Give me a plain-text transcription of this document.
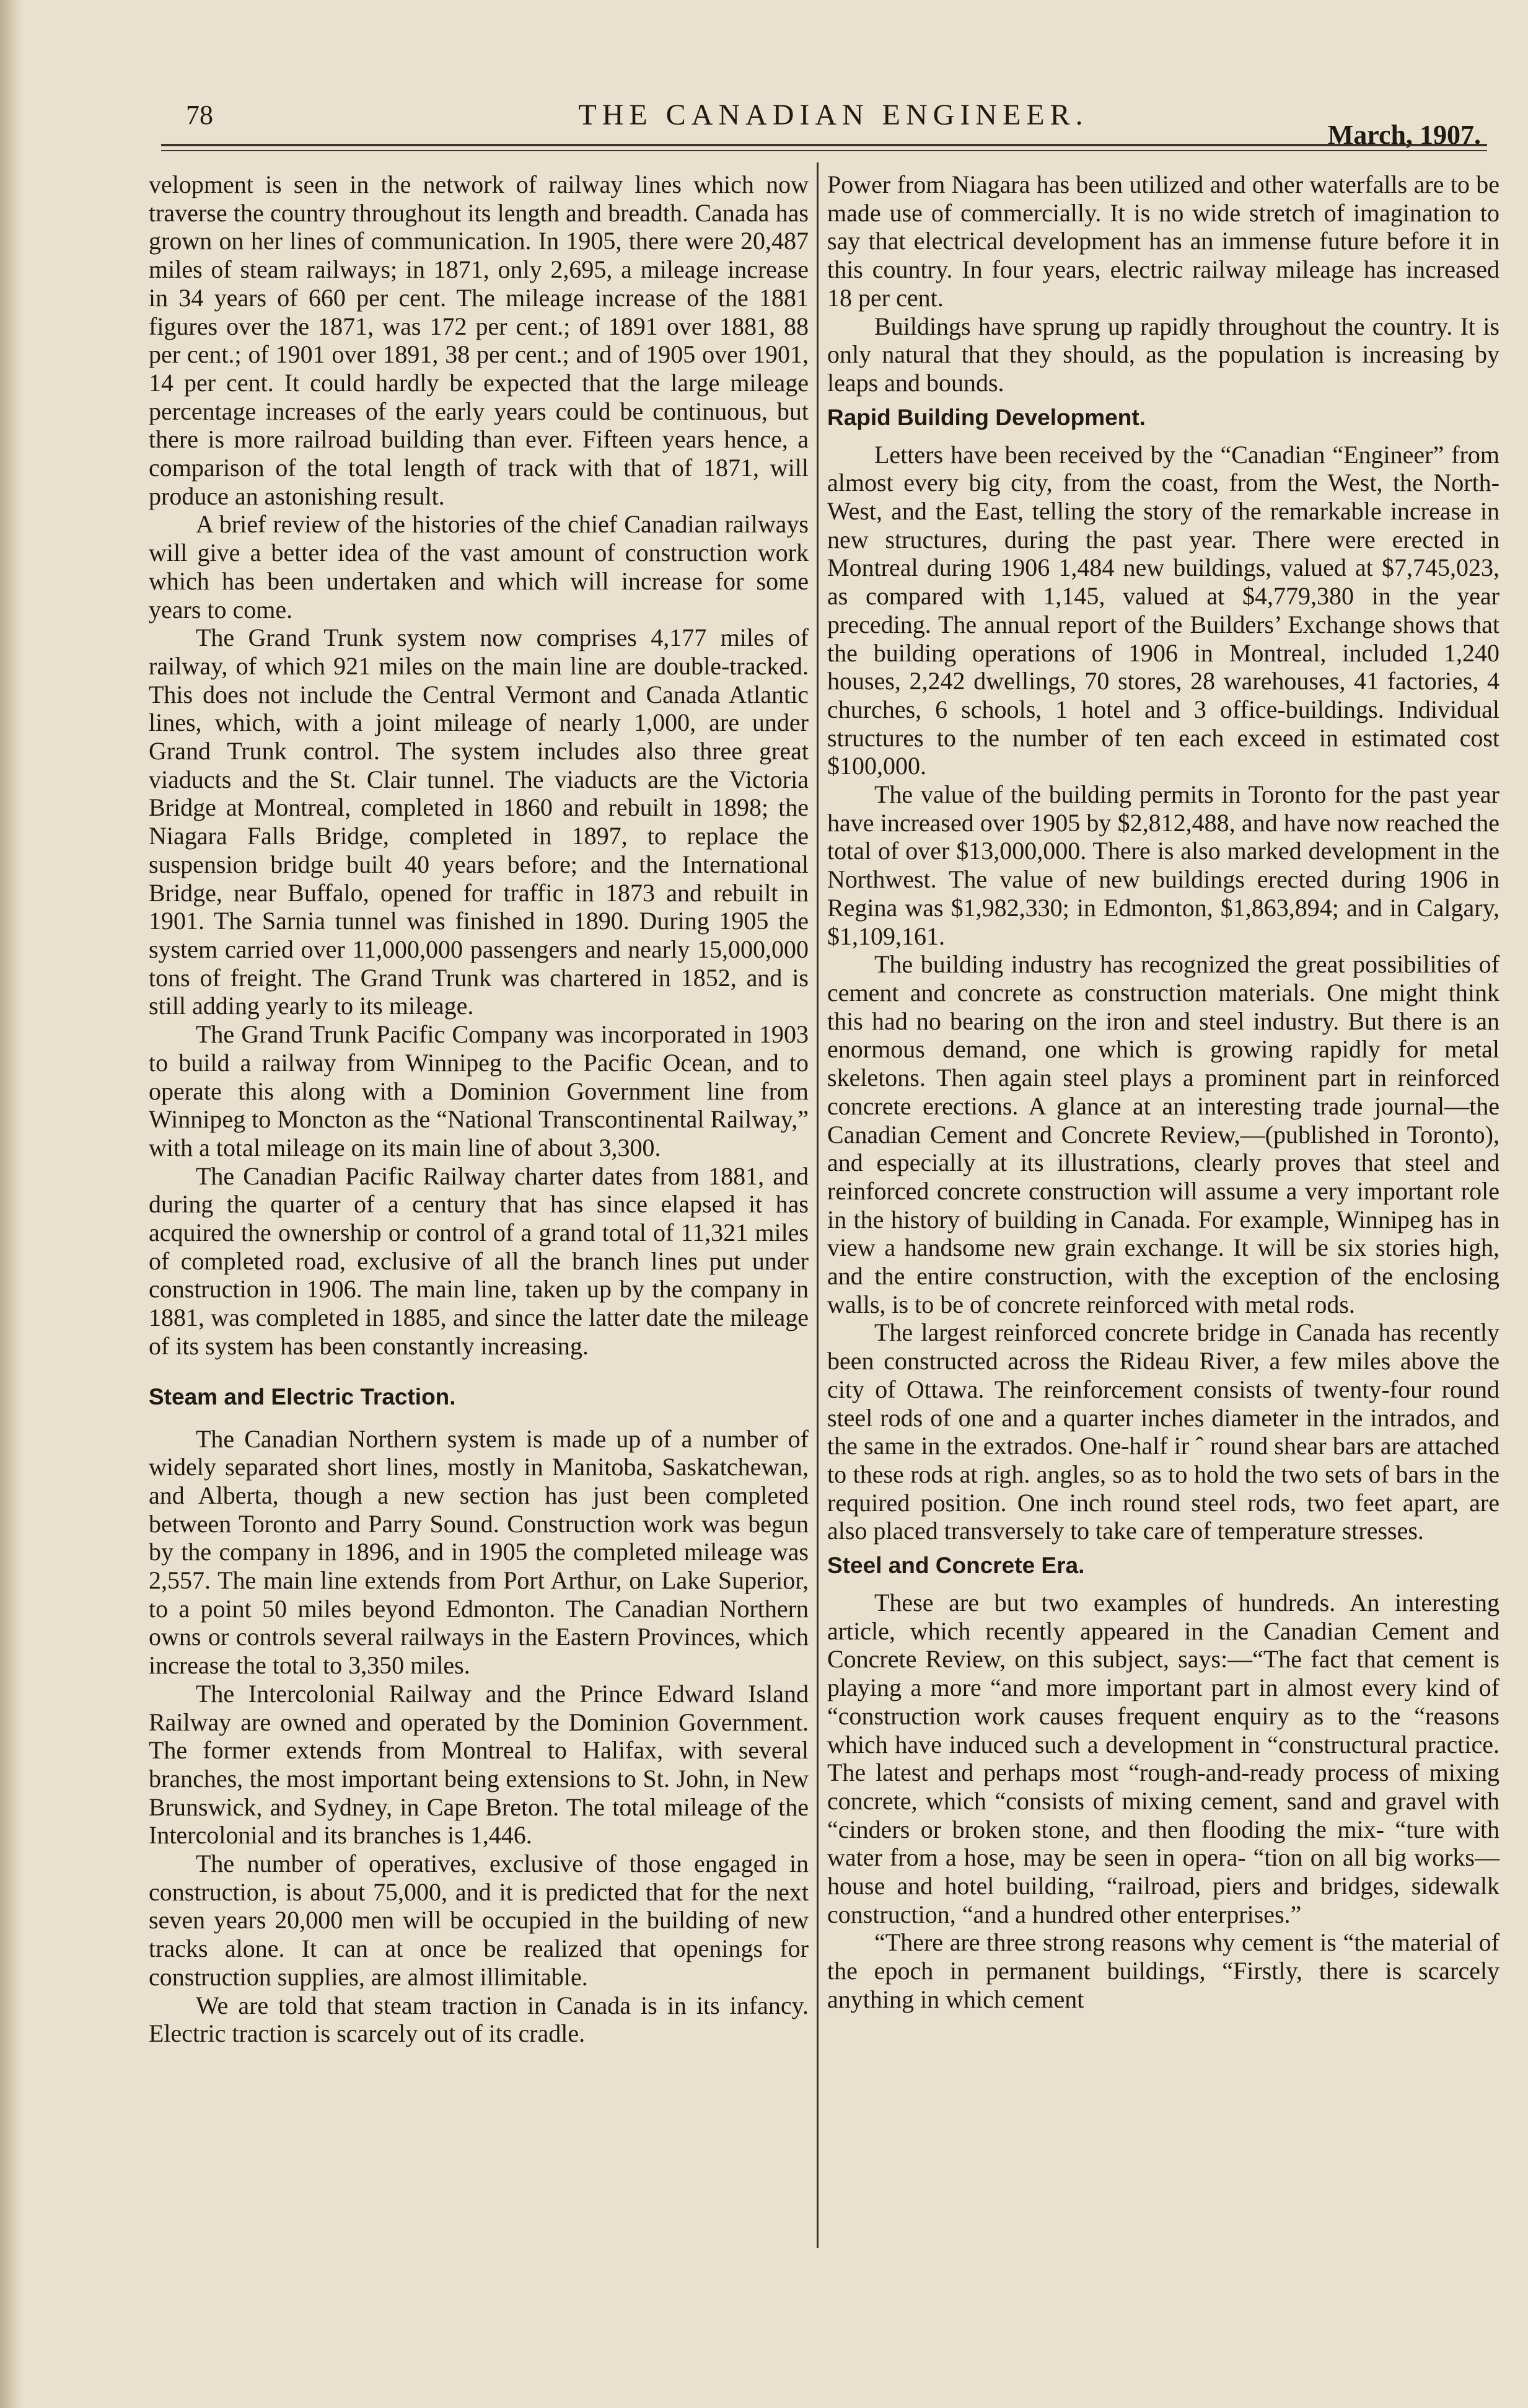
78	THE CANADIAN ENGINEER.
March, 1907.

velopment is seen in the network of railway lines which now traverse the country throughout its length and breadth. Canada has grown on her lines of communication. In 1905, there were 20,487 miles of steam railways; in 1871, only 2,695, a mileage increase in 34 years of 660 per cent. The mileage increase of the 1881 figures over the 1871, was 172 per cent.; of 1891 over 1881, 88 per cent.; of 1901 over 1891, 38 per cent.; and of 1905 over 1901, 14 per cent. It could hardly be expected that the large mileage percentage increases of the early years could be continuous, but there is more railroad building than ever. Fifteen years hence, a comparison of the total length of track with that of 1871, will produce an astonishing result.

A brief review of the histories of the chief Canadian railways will give a better idea of the vast amount of construction work which has been undertaken and which will increase for some years to come.

The Grand Trunk system now comprises 4,177 miles of railway, of which 921 miles on the main line are double-tracked. This does not include the Central Vermont and Canada Atlantic lines, which, with a joint mileage of nearly 1,000, are under Grand Trunk control. The system includes also three great viaducts and the St. Clair tunnel. The viaducts are the Victoria Bridge at Montreal, completed in 1860 and rebuilt in 1898; the Niagara Falls Bridge, completed in 1897, to replace the suspension bridge built 40 years before; and the International Bridge, near Buffalo, opened for traffic in 1873 and rebuilt in 1901. The Sarnia tunnel was finished in 1890. During 1905 the system carried over 11,000,000 passengers and nearly 15,000,000 tons of freight. The Grand Trunk was chartered in 1852, and is still adding yearly to its mileage.

The Grand Trunk Pacific Company was incorporated in 1903 to build a railway from Winnipeg to the Pacific Ocean, and to operate this along with a Dominion Government line from Winnipeg to Moncton as the “National Transcontinental Railway,” with a total mileage on its main line of about 3,300.

The Canadian Pacific Railway charter dates from 1881, and during the quarter of a century that has since elapsed it has acquired the ownership or control of a grand total of 11,321 miles of completed road, exclusive of all the branch lines put under construction in 1906. The main line, taken up by the company in 1881, was completed in 1885, and since the latter date the mileage of its system has been constantly increasing.

Steam and Electric Traction.

The Canadian Northern system is made up of a number of widely separated short lines, mostly in Manitoba, Saskatchewan, and Alberta, though a new section has just been completed between Toronto and Parry Sound. Construction work was begun by the company in 1896, and in 1905 the completed mileage was 2,557. The main line extends from Port Arthur, on Lake Superior, to a point 50 miles beyond Edmonton. The Canadian Northern owns or controls several railways in the Eastern Provinces, which increase the total to 3,350 miles.

The Intercolonial Railway and the Prince Edward Island Railway are owned and operated by the Dominion Government. The former extends from Montreal to Halifax, with several branches, the most important being extensions to St. John, in New Brunswick, and Sydney, in Cape Breton. The total mileage of the Intercolonial and its branches is 1,446.

The number of operatives, exclusive of those engaged in construction, is about 75,000, and it is predicted that for the next seven years 20,000 men will be occupied in the building of new tracks alone. It can at once be realized that openings for construction supplies, are almost illimitable.

We are told that steam traction in Canada is in its infancy. Electric traction is scarcely out of its cradle.

Power from Niagara has been utilized and other waterfalls are to be made use of commercially. It is no wide stretch of imagination to say that electrical development has an immense future before it in this country. In four years, electric railway mileage has increased 18 per cent.

Buildings have sprung up rapidly throughout the country. It is only natural that they should, as the population is increasing by leaps and bounds.

Rapid Building Development.

Letters have been received by the “Canadian “Engineer” from almost every big city, from the coast, from the West, the North-West, and the East, telling the story of the remarkable increase in new structures, during the past year. There were erected in Montreal during 1906 1,484 new buildings, valued at $7,745,023, as compared with 1,145, valued at $4,779,380 in the year preceding. The annual report of the Builders’ Exchange shows that the building operations of 1906 in Montreal, included 1,240 houses, 2,242 dwellings, 70 stores, 28 warehouses, 41 factories, 4 churches, 6 schools, 1 hotel and 3 office-buildings. Individual structures to the number of ten each exceed in estimated cost $100,000.

The value of the building permits in Toronto for the past year have increased over 1905 by $2,812,488, and have now reached the total of over $13,000,000. There is also marked development in the Northwest. The value of new buildings erected during 1906 in Regina was $1,982,330; in Edmonton, $1,863,894; and in Calgary, $1,109,161.

The building industry has recognized the great possibilities of cement and concrete as construction materials. One might think this had no bearing on the iron and steel industry. But there is an enormous demand, one which is growing rapidly for metal skeletons. Then again steel plays a prominent part in reinforced concrete erections. A glance at an interesting trade journal—the Canadian Cement and Concrete Review,—(published in Toronto), and especially at its illustrations, clearly proves that steel and reinforced concrete construction will assume a very important role in the history of building in Canada. For example, Winnipeg has in view a handsome new grain exchange. It will be six stories high, and the entire construction, with the exception of the enclosing walls, is to be of concrete reinforced with metal rods.

The largest reinforced concrete bridge in Canada has recently been constructed across the Rideau River, a few miles above the city of Ottawa. The reinforcement consists of twenty-four round steel rods of one and a quarter inches diameter in the intrados, and the same in the extrados. One-half ir ˆ round shear bars are attached to these rods at righ. angles, so as to hold the two sets of bars in the required position. One inch round steel rods, two feet apart, are also placed transversely to take care of temperature stresses.

Steel and Concrete Era.

These are but two examples of hundreds. An interesting article, which recently appeared in the Canadian Cement and Concrete Review, on this subject, says:—“The fact that cement is playing a more “and more important part in almost every kind of “construction work causes frequent enquiry as to the “reasons which have induced such a development in “constructural practice. The latest and perhaps most “rough-and-ready process of mixing concrete, which “consists of mixing cement, sand and gravel with “cinders or broken stone, and then flooding the mix- “ture with water from a hose, may be seen in opera- “tion on all big works—house and hotel building, “railroad, piers and bridges, sidewalk construction, “and a hundred other enterprises.”

“There are three strong reasons why cement is “the material of the epoch in permanent buildings, “Firstly, there is scarcely anything in which cement
